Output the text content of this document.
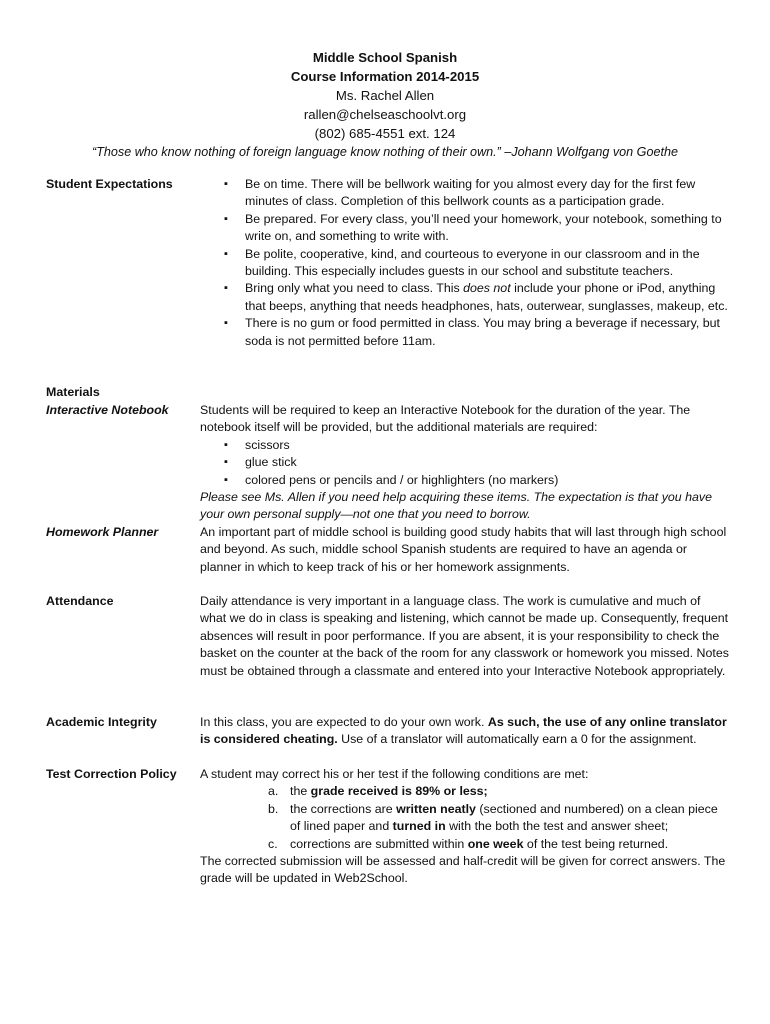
Middle School Spanish
Course Information 2014-2015
Ms. Rachel Allen
rallen@chelseaschoolvt.org
(802) 685-4551 ext. 124
“Those who know nothing of foreign language know nothing of their own.” –Johann Wolfgang von Goethe
Student Expectations	▪ Be on time. There will be bellwork waiting for you almost every day for the first few minutes of class. Completion of this bellwork counts as a participation grade.
▪ Be prepared. For every class, you’ll need your homework, your notebook, something to write on, and something to write with.
▪ Be polite, cooperative, kind, and courteous to everyone in our classroom and in the building. This especially includes guests in our school and substitute teachers.
▪ Bring only what you need to class. This does not include your phone or iPod, anything that beeps, anything that needs headphones, hats, outerwear, sunglasses, makeup, etc.
▪ There is no gum or food permitted in class. You may bring a beverage if necessary, but soda is not permitted before 11am.
Materials
Interactive Notebook	Students will be required to keep an Interactive Notebook for the duration of the year. The notebook itself will be provided, but the additional materials are required:

▪ scissors
▪ glue stick
▪ colored pens or pencils and / or highlighters (no markers)

Please see Ms. Allen if you need help acquiring these items. The expectation is that you have your own personal supply—not one that you need to borrow.

Homework Planner	An important part of middle school is building good study habits that will last through high school and beyond. As such, middle school Spanish students are required to have an agenda or planner in which to keep track of his or her homework assignments.

Attendance	Daily attendance is very important in a language class. The work is cumulative and much of what we do in class is speaking and listening, which cannot be made up. Consequently, frequent absences will result in poor performance. If you are absent, it is your responsibility to check the basket on the counter at the back of the room for any classwork or homework you missed. Notes must be obtained through a classmate and entered into your Interactive Notebook appropriately.

Academic Integrity	In this class, you are expected to do your own work. As such, the use of any online translator is considered cheating. Use of a translator will automatically earn a 0 for the assignment.

Test Correction Policy	A student may correct his or her test if the following conditions are met:

a. the grade received is 89% or less;
b. the corrections are written neatly (sectioned and numbered) on a clean piece of lined paper and turned in with the both the test and answer sheet;
c. corrections are submitted within one week of the test being returned.

The corrected submission will be assessed and half-credit will be given for correct answers. The grade will be updated in Web2School.
